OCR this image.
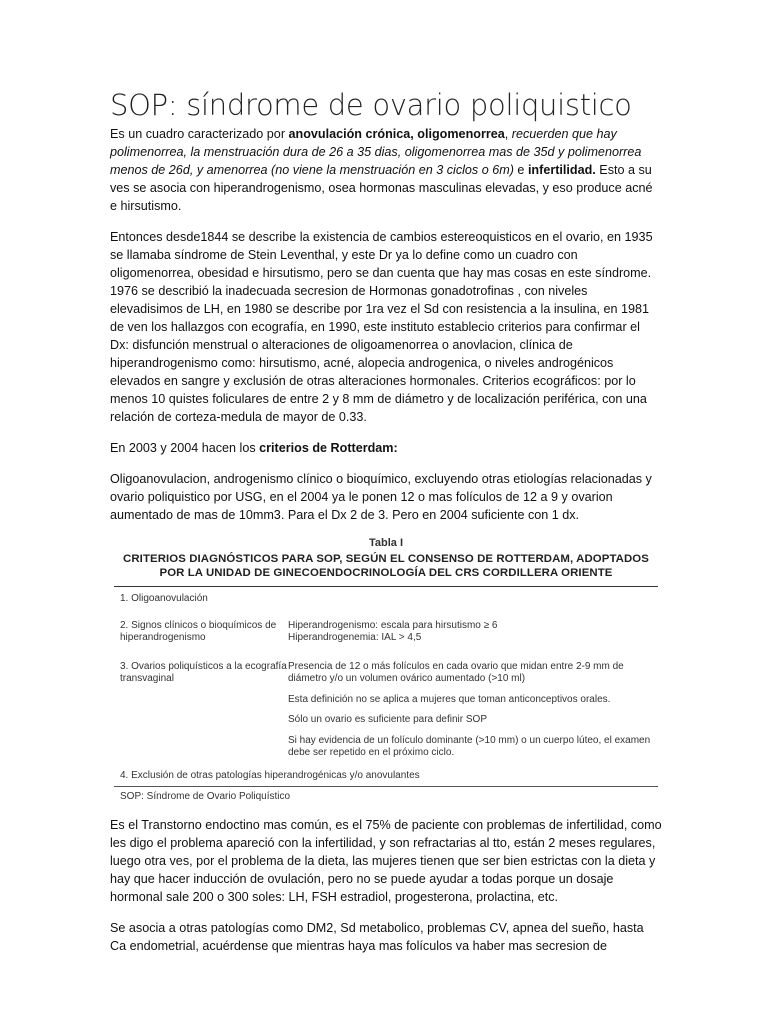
SOP: síndrome de ovario poliquistico

Es un cuadro caracterizado por anovulación crónica, oligomenorrea, recuerden que hay polimenorrea, la menstruación dura de 26 a 35 dias, oligomenorrea mas de 35d y polimenorrea menos de 26d, y amenorrea (no viene la menstruación en 3 ciclos o 6m) e infertilidad. Esto a su ves se asocia con hiperandrogenismo, osea hormonas masculinas elevadas, y eso produce acné e hirsutismo.

Entonces desde1844 se describe la existencia de cambios estereoquisticos en el ovario, en 1935 se llamaba síndrome de Stein Leventhal, y este Dr ya lo define como un cuadro con oligomenorrea, obesidad e hirsutismo, pero se dan cuenta que hay mas cosas en este síndrome. 1976 se describió la inadecuada secresion de Hormonas gonadotrofinas , con niveles elevadisimos de LH, en 1980 se describe por 1ra vez el Sd con resistencia a la insulina, en 1981 de ven los hallazgos con ecografía, en 1990, este instituto establecio criterios para confirmar el Dx: disfunción menstrual o alteraciones de oligoamenorrea o anovlacion, clínica de hiperandrogenismo como: hirsutismo, acné, alopecia androgenica, o niveles androgénicos elevados en sangre y exclusión de otras alteraciones hormonales. Criterios ecográficos: por lo menos 10 quistes foliculares de entre 2 y 8 mm de diámetro y de localización periférica, con una relación de corteza-medula de mayor de 0.33.

En 2003 y 2004 hacen los criterios de Rotterdam:

Oligoanovulacion, androgenismo clínico o bioquímico, excluyendo otras etiologías relacionadas y ovario poliquistico por USG, en el 2004 ya le ponen 12 o mas folículos de 12 a 9 y ovarion aumentado de mas de 10mm3. Para el Dx 2 de 3. Pero en 2004 suficiente con 1 dx.

Tabla I
CRITERIOS DIAGNÓSTICOS PARA SOP, SEGÚN EL CONSENSO DE ROTTERDAM, ADOPTADOS
POR LA UNIDAD DE GINECOENDOCRINOLOGÍA DEL CRS CORDILLERA ORIENTE
1. Oligoanovulación
2. Signos clínicos o bioquímicos de hiperandrogenismo
Hiperandrogenismo: escala para hirsutismo ≥ 6
Hiperandrogenemia: IAL > 4,5
3. Ovarios poliquísticos a la ecografía transvaginal
Presencia de 12 o más folículos en cada ovario que midan entre 2-9 mm de diámetro y/o un volumen ovárico aumentado (>10 ml)
Esta definición no se aplica a mujeres que toman anticonceptivos orales.
Sólo un ovario es suficiente para definir SOP
Si hay evidencia de un folículo dominante (>10 mm) o un cuerpo lúteo, el examen debe ser repetido en el próximo ciclo.
4. Exclusión de otras patologías hiperandrogénicas y/o anovulantes
SOP: Síndrome de Ovario Poliquístico

Es el Transtorno endoctino mas común, es el 75% de paciente con problemas de infertilidad, como les digo el problema apareció con la infertilidad, y son refractarias al tto, están 2 meses regulares, luego otra ves, por el problema de la dieta, las mujeres tienen que ser bien estrictas con la dieta y hay que hacer inducción de ovulación, pero no se puede ayudar a todas porque un dosaje hormonal sale 200 o 300 soles: LH, FSH estradiol, progesterona, prolactina, etc.

Se asocia a otras patologías como DM2, Sd metabolico, problemas CV, apnea del sueño, hasta Ca endometrial, acuérdense que mientras haya mas folículos va haber mas secresion de
